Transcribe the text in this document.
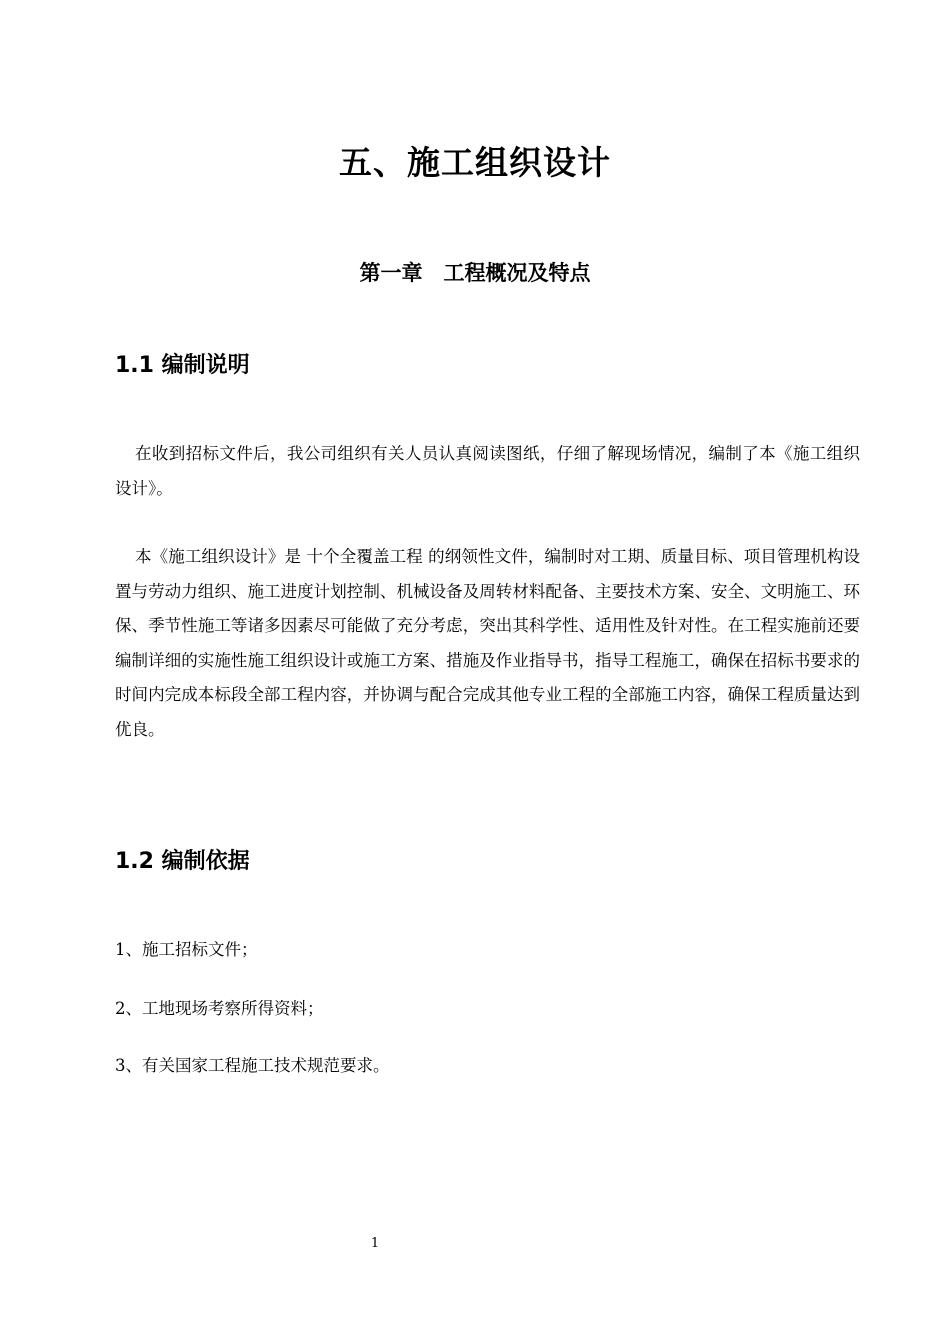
五、施工组织设计
第一章　工程概况及特点
1.1 编制说明

在收到招标文件后，我公司组织有关人员认真阅读图纸，仔细了解现场情况，编制了本《施工组织设计》。

本《施工组织设计》是 十个全覆盖工程 的纲领性文件，编制时对工期、质量目标、项目管理机构设置与劳动力组织、施工进度计划控制、机械设备及周转材料配备、主要技术方案、安全、文明施工、环保、季节性施工等诸多因素尽可能做了充分考虑，突出其科学性、适用性及针对性。在工程实施前还要编制详细的实施性施工组织设计或施工方案、措施及作业指导书，指导工程施工，确保在招标书要求的时间内完成本标段全部工程内容，并协调与配合完成其他专业工程的全部施工内容，确保工程质量达到优良。

1.2 编制依据
1、施工招标文件；
2、工地现场考察所得资料；
3、有关国家工程施工技术规范要求。
1
